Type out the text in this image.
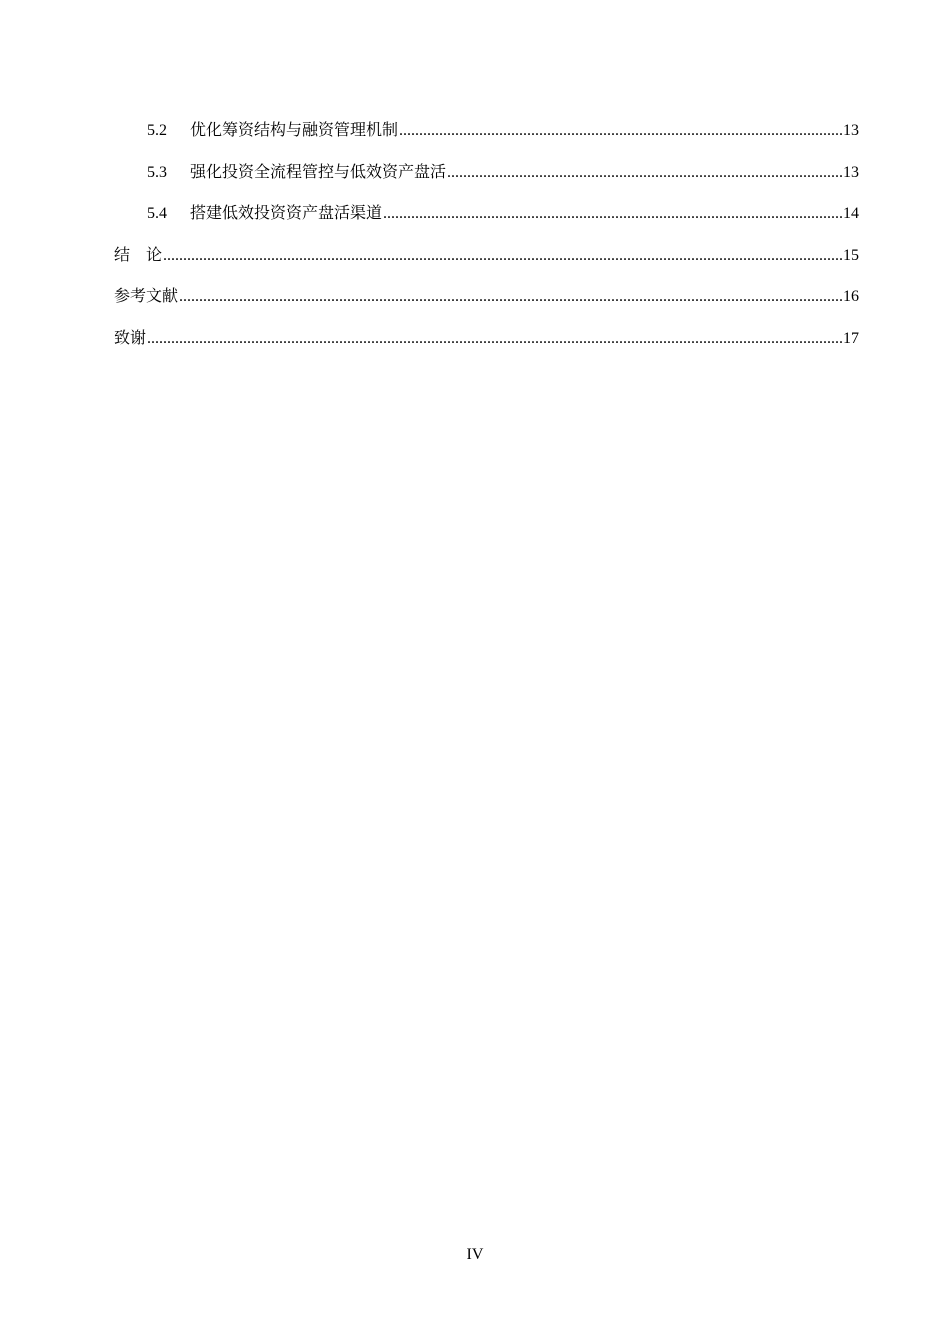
5.2	优化筹资结构与融资管理机制 .....	13
5.3	强化投资全流程管控与低效资产盘活 .....	13
5.4	搭建低效投资资产盘活渠道 .....	14
结　论 .....	15
参考文献 .....	16
致谢 .....	17
IV
